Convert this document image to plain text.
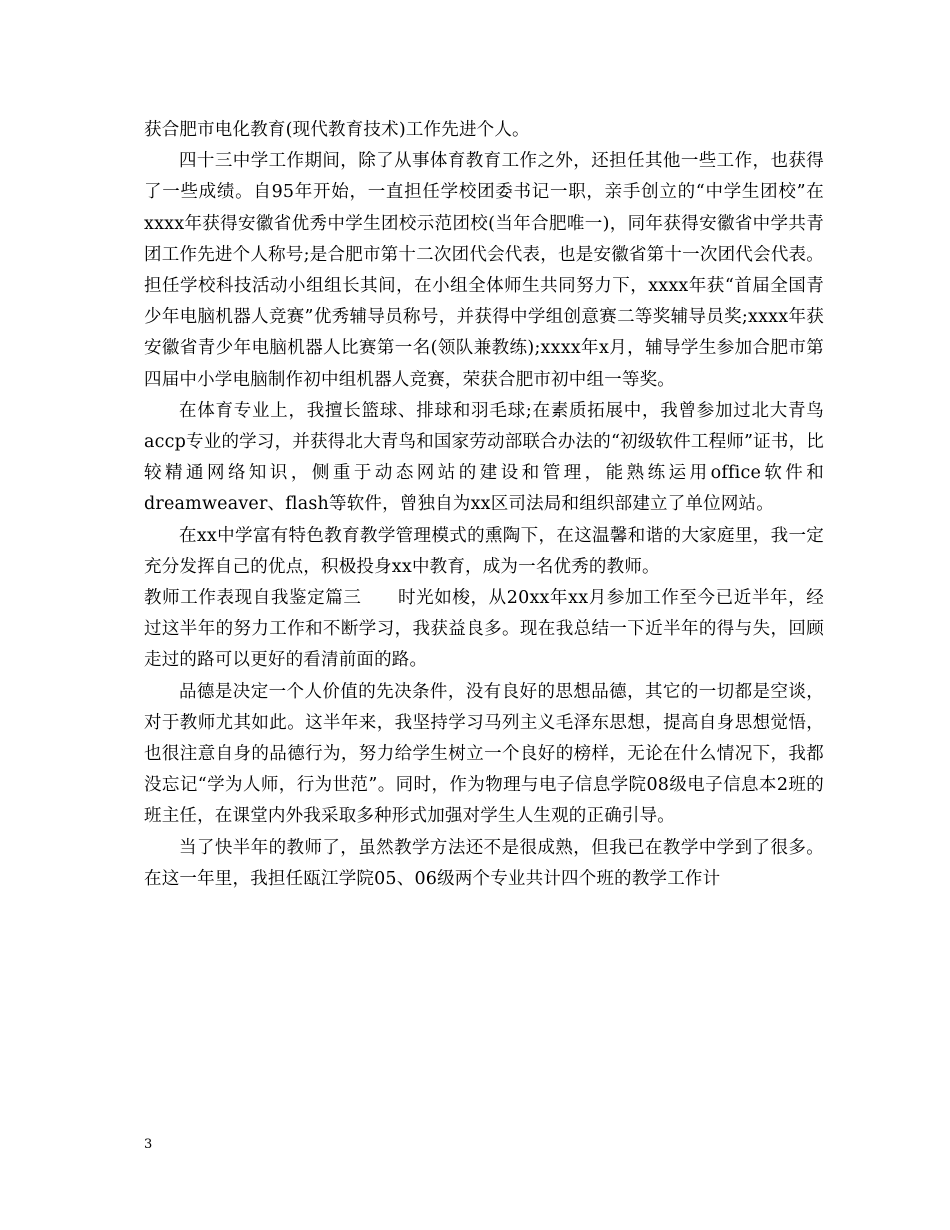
获合肥市电化教育(现代教育技术)工作先进个人。

四十三中学工作期间，除了从事体育教育工作之外，还担任其他一些工作，也获得了一些成绩。自95年开始，一直担任学校团委书记一职，亲手创立的“中学生团校”在xxxx年获得安徽省优秀中学生团校示范团校(当年合肥唯一)，同年获得安徽省中学共青团工作先进个人称号;是合肥市第十二次团代会代表，也是安徽省第十一次团代会代表。担任学校科技活动小组组长其间，在小组全体师生共同努力下，xxxx年获“首届全国青少年电脑机器人竞赛”优秀辅导员称号，并获得中学组创意赛二等奖辅导员奖;xxxx年获安徽省青少年电脑机器人比赛第一名(领队兼教练);xxxx年x月，辅导学生参加合肥市第四届中小学电脑制作初中组机器人竞赛，荣获合肥市初中组一等奖。

在体育专业上，我擅长篮球、排球和羽毛球;在素质拓展中，我曾参加过北大青鸟accp专业的学习，并获得北大青鸟和国家劳动部联合办法的“初级软件工程师”证书，比较精通网络知识，侧重于动态网站的建设和管理，能熟练运用office软件和dreamweaver、flash等软件，曾独自为xx区司法局和组织部建立了单位网站。

在xx中学富有特色教育教学管理模式的熏陶下，在这温馨和谐的大家庭里，我一定充分发挥自己的优点，积极投身xx中教育，成为一名优秀的教师。

教师工作表现自我鉴定篇三 时光如梭，从20xx年xx月参加工作至今已近半年，经过这半年的努力工作和不断学习，我获益良多。现在我总结一下近半年的得与失，回顾走过的路可以更好的看清前面的路。

品德是决定一个人价值的先决条件，没有良好的思想品德，其它的一切都是空谈，对于教师尤其如此。这半年来，我坚持学习马列主义毛泽东思想，提高自身思想觉悟，也很注意自身的品德行为，努力给学生树立一个良好的榜样，无论在什么情况下，我都没忘记“学为人师，行为世范”。同时，作为物理与电子信息学院08级电子信息本2班的班主任，在课堂内外我采取多种形式加强对学生人生观的正确引导。

当了快半年的教师了，虽然教学方法还不是很成熟，但我已在教学中学到了很多。在这一年里，我担任瓯江学院05、06级两个专业共计四个班的教学工作计

3
